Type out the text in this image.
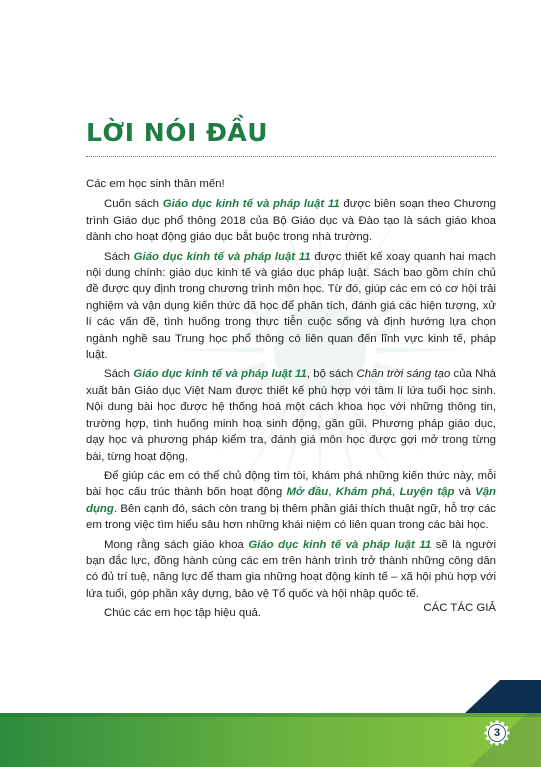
LỜI NÓI ĐẦU

Các em học sinh thân mến!

Cuốn sách Giáo dục kinh tế và pháp luật 11 được biên soạn theo Chương trình Giáo dục phổ thông 2018 của Bộ Giáo dục và Đào tạo là sách giáo khoa dành cho hoạt động giáo dục bắt buộc trong nhà trường.

Sách Giáo dục kinh tế và pháp luật 11 được thiết kế xoay quanh hai mạch nội dung chính: giáo dục kinh tế và giáo dục pháp luật. Sách bao gồm chín chủ đề được quy định trong chương trình môn học. Từ đó, giúp các em có cơ hội trải nghiệm và vận dụng kiến thức đã học để phân tích, đánh giá các hiện tượng, xử lí các vấn đề, tình huống trong thực tiễn cuộc sống và định hướng lựa chọn ngành nghề sau Trung học phổ thông có liên quan đến lĩnh vực kinh tế, pháp luật.

Sách Giáo dục kinh tế và pháp luật 11, bộ sách Chân trời sáng tạo của Nhà xuất bản Giáo dục Việt Nam được thiết kế phù hợp với tâm lí lứa tuổi học sinh. Nội dung bài học được hệ thống hoá một cách khoa học với những thông tin, trường hợp, tình huống minh hoạ sinh động, gần gũi. Phương pháp giáo dục, dạy học và phương pháp kiểm tra, đánh giá môn học được gợi mở trong từng bài, từng hoạt động.

Để giúp các em có thể chủ động tìm tòi, khám phá những kiến thức này, mỗi bài học cấu trúc thành bốn hoạt động Mở đầu, Khám phá, Luyện tập và Vận dụng. Bên cạnh đó, sách còn trang bị thêm phần giải thích thuật ngữ, hỗ trợ các em trong việc tìm hiểu sâu hơn những khái niệm có liên quan trong các bài học.

Mong rằng sách giáo khoa Giáo dục kinh tế và pháp luật 11 sẽ là người bạn đắc lực, đồng hành cùng các em trên hành trình trở thành những công dân có đủ trí tuệ, năng lực để tham gia những hoạt động kinh tế – xã hội phù hợp với lứa tuổi, góp phần xây dựng, bảo vệ Tổ quốc và hội nhập quốc tế.

Chúc các em học tập hiệu quả.	CÁC TÁC GIẢ
3
